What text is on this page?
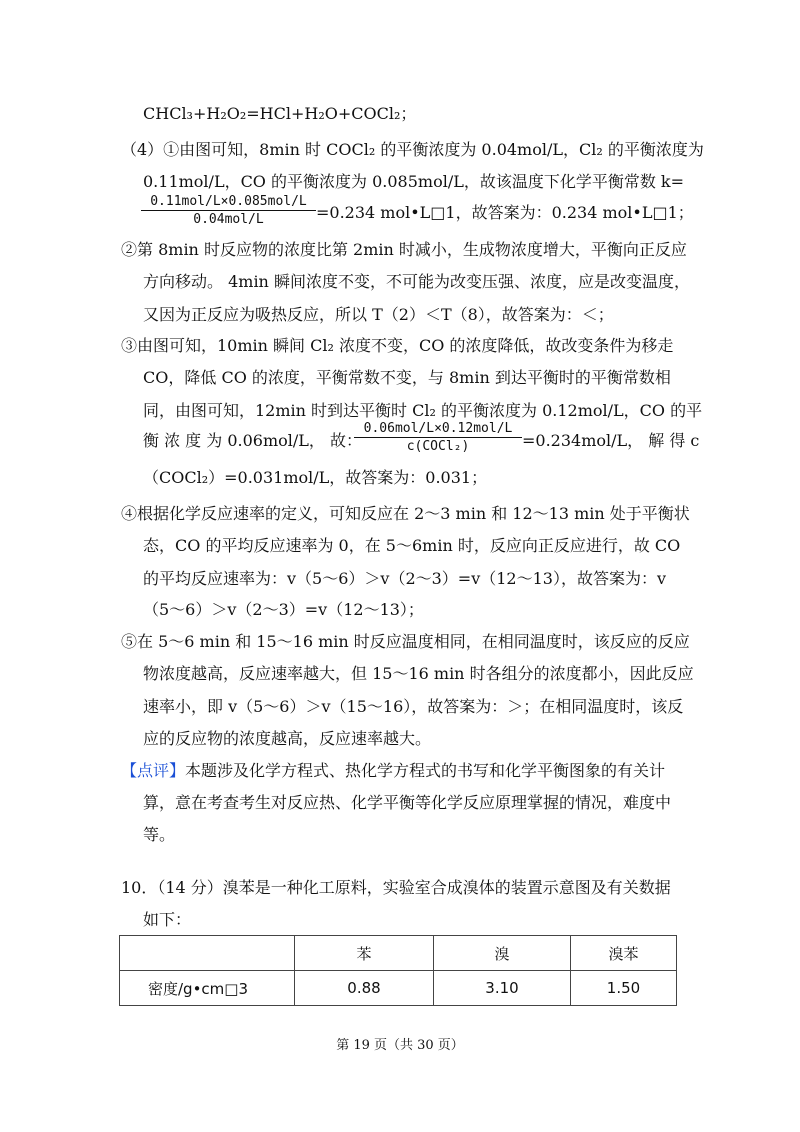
CHCl₃+H₂O₂=HCl+H₂O+COCl₂；
（4）①由图可知，8min 时 COCl₂ 的平衡浓度为 0.04mol/L，Cl₂ 的平衡浓度为
0.11mol/L，CO 的平衡浓度为 0.085mol/L，故该温度下化学平衡常数 k=
0.11mol/L×0.085mol/L
0.04mol/L	=0.234 mol•L□1，故答案为：0.234 mol•L□1；
②第 8min 时反应物的浓度比第 2min 时减小，生成物浓度增大，平衡向正反应
方向移动。 4min 瞬间浓度不变，不可能为改变压强、浓度，应是改变温度，
又因为正反应为吸热反应，所以 T（2）＜T（8），故答案为：＜；
③由图可知，10min 瞬间 Cl₂ 浓度不变，CO 的浓度降低，故改变条件为移走
CO，降低 CO 的浓度，平衡常数不变，与 8min 到达平衡时的平衡常数相
同，由图可知，12min 时到达平衡时 Cl₂ 的平衡浓度为 0.12mol/L，CO 的平
衡 浓 度 为 0.06mol/L， 故：
0.06mol/L×0.12mol/L
c(COCl₂)	=0.234mol/L， 解 得 c
（COCl₂）=0.031mol/L，故答案为：0.031；
④根据化学反应速率的定义，可知反应在 2～3 min 和 12～13 min 处于平衡状
态，CO 的平均反应速率为 0，在 5～6min 时，反应向正反应进行，故 CO
的平均反应速率为：v（5～6）＞v（2～3）=v（12～13），故答案为：v
（5～6）＞v（2～3）=v（12～13）；
⑤在 5～6 min 和 15～16 min 时反应温度相同，在相同温度时，该反应的反应
物浓度越高，反应速率越大，但 15～16 min 时各组分的浓度都小，因此反应
速率小，即 v（5～6）＞v（15～16），故答案为：＞；在相同温度时，该反
应的反应物的浓度越高，反应速率越大。
【点评】本题涉及化学方程式、热化学方程式的书写和化学平衡图象的有关计
算，意在考查考生对反应热、化学平衡等化学反应原理掌握的情况，难度中
等。
10．（14 分）溴苯是一种化工原料，实验室合成溴体的装置示意图及有关数据
如下：
	苯	溴	溴苯
密度/g•cm□3	0.88	3.10	1.50
第 19 页（共 30 页）
